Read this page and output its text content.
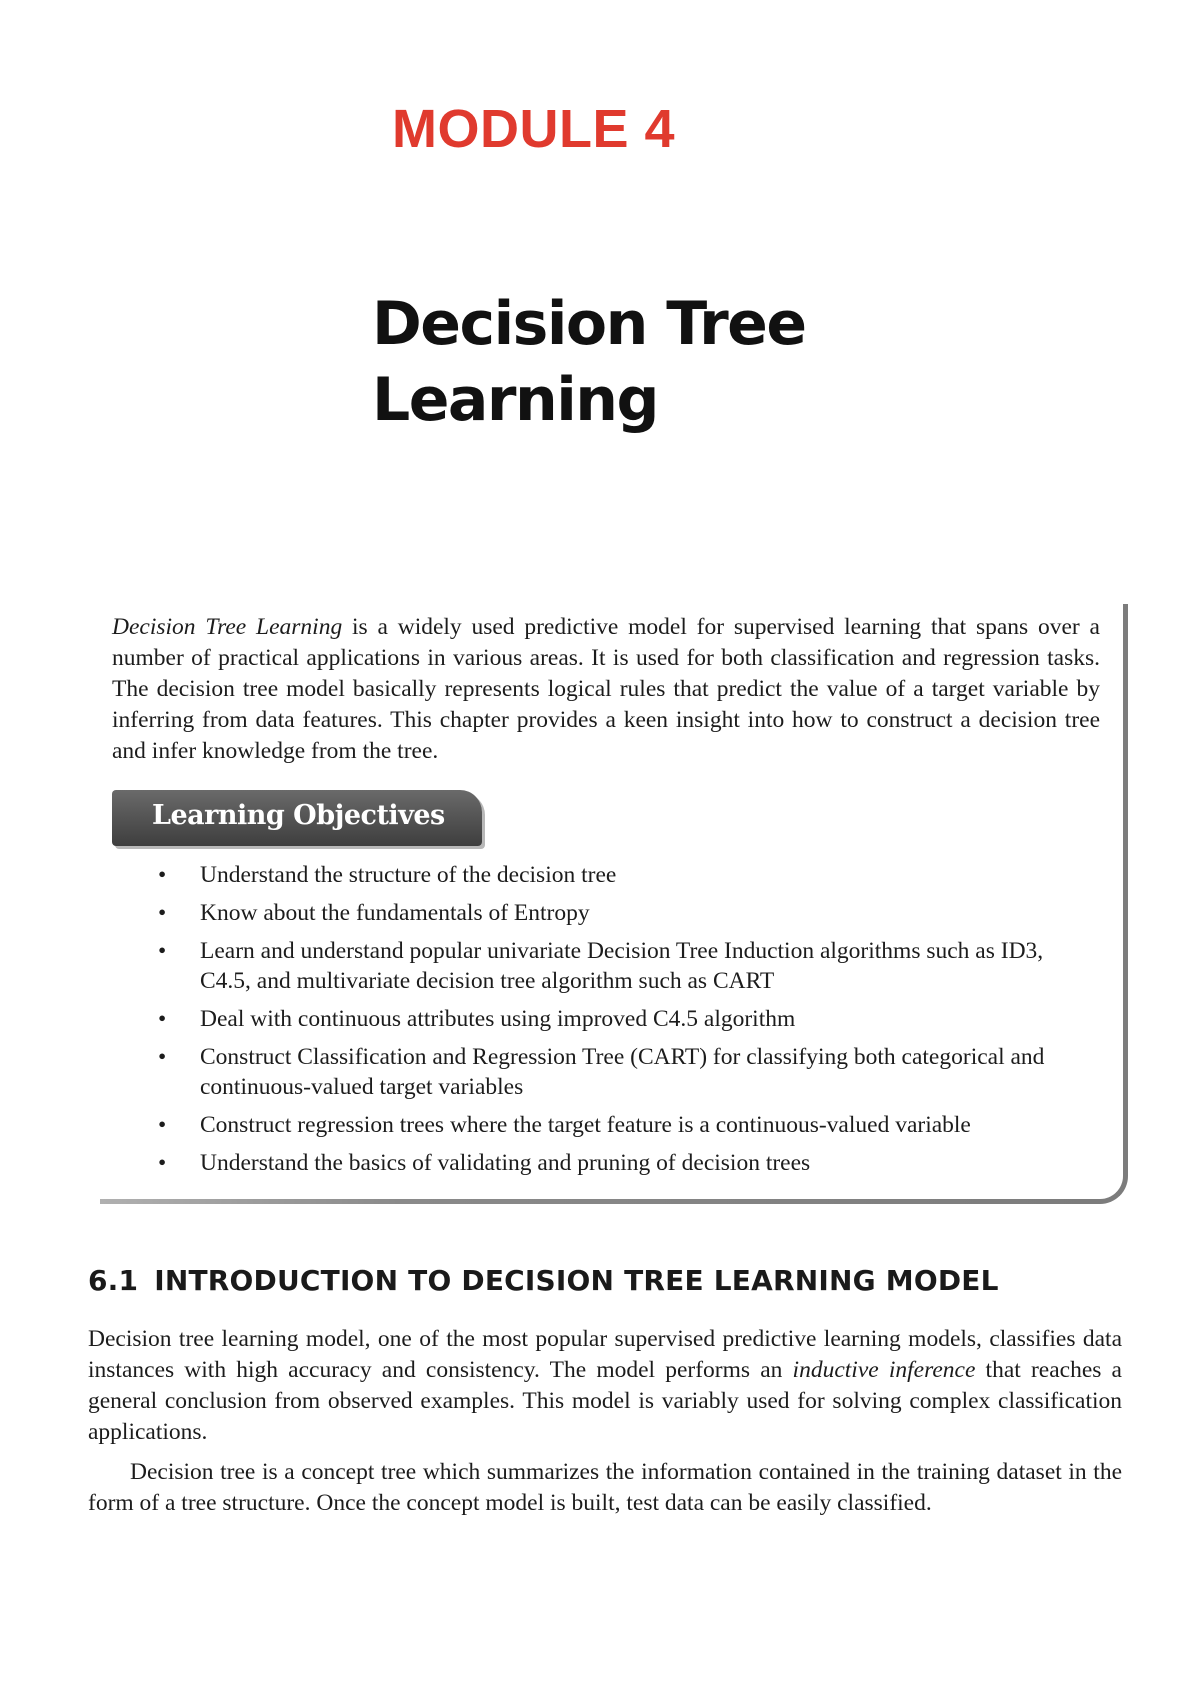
MODULE 4
Decision Tree
Learning

Decision Tree Learning is a widely used predictive model for supervised learning that spans over a number of practical applications in various areas. It is used for both classification and regression tasks. The decision tree model basically represents logical rules that predict the value of a target variable by inferring from data features. This chapter provides a keen insight into how to construct a decision tree and infer knowledge from the tree.

Learning Objectives
• Understand the structure of the decision tree
• Know about the fundamentals of Entropy
• Learn and understand popular univariate Decision Tree Induction algorithms such as ID3, C4.5, and multivariate decision tree algorithm such as CART
• Deal with continuous attributes using improved C4.5 algorithm
• Construct Classification and Regression Tree (CART) for classifying both categorical and continuous-valued target variables
• Construct regression trees where the target feature is a continuous-valued variable
• Understand the basics of validating and pruning of decision trees
6.1 INTRODUCTION TO DECISION TREE LEARNING MODEL

Decision tree learning model, one of the most popular supervised predictive learning models, classifies data instances with high accuracy and consistency. The model performs an inductive inference that reaches a general conclusion from observed examples. This model is variably used for solving complex classification applications.

Decision tree is a concept tree which summarizes the information contained in the training dataset in the form of a tree structure. Once the concept model is built, test data can be easily classified.
